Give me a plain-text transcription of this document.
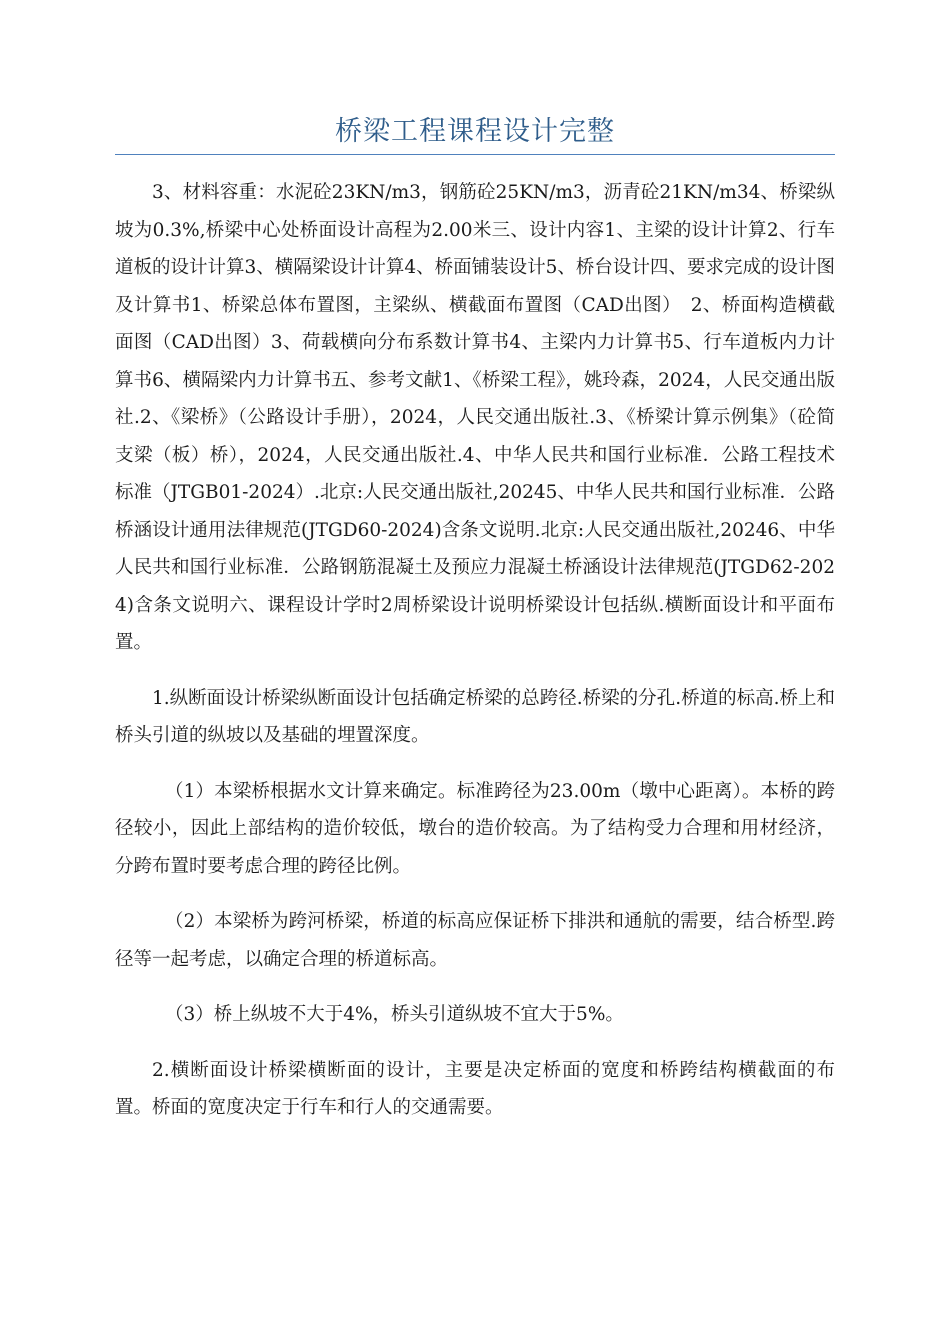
桥梁工程课程设计完整

3、材料容重：水泥砼23KN/m3，钢筋砼25KN/m3，沥青砼21KN/m34、桥梁纵坡为0.3%,桥梁中心处桥面设计高程为2.00米三、设计内容1、主梁的设计计算2、行车道板的设计计算3、横隔梁设计计算4、桥面铺装设计5、桥台设计四、要求完成的设计图及计算书1、桥梁总体布置图，主梁纵、横截面布置图（CAD出图）　2、桥面构造横截面图（CAD出图）3、荷载横向分布系数计算书4、主梁内力计算书5、行车道板内力计算书6、横隔梁内力计算书五、参考文献1、《桥梁工程》，姚玲森，2024，人民交通出版社.2、《梁桥》（公路设计手册），2024，人民交通出版社.3、《桥梁计算示例集》（砼简支梁（板）桥），2024，人民交通出版社.4、中华人民共和国行业标准．公路工程技术标准（JTGB01-2024）.北京:人民交通出版社,20245、中华人民共和国行业标准．公路桥涵设计通用法律规范(JTGD60-2024)含条文说明.北京:人民交通出版社,20246、中华人民共和国行业标准．公路钢筋混凝土及预应力混凝土桥涵设计法律规范(JTGD62-2024)含条文说明六、课程设计学时2周桥梁设计说明桥梁设计包括纵.横断面设计和平面布置。

1.纵断面设计桥梁纵断面设计包括确定桥梁的总跨径.桥梁的分孔.桥道的标高.桥上和桥头引道的纵坡以及基础的埋置深度。

（1）本梁桥根据水文计算来确定。标准跨径为23.00m（墩中心距离）。本桥的跨径较小，因此上部结构的造价较低，墩台的造价较高。为了结构受力合理和用材经济，分跨布置时要考虑合理的跨径比例。

（2）本梁桥为跨河桥梁，桥道的标高应保证桥下排洪和通航的需要，结合桥型.跨径等一起考虑，以确定合理的桥道标高。

（3）桥上纵坡不大于4%，桥头引道纵坡不宜大于5%。

2.横断面设计桥梁横断面的设计，主要是决定桥面的宽度和桥跨结构横截面的布置。桥面的宽度决定于行车和行人的交通需要。
